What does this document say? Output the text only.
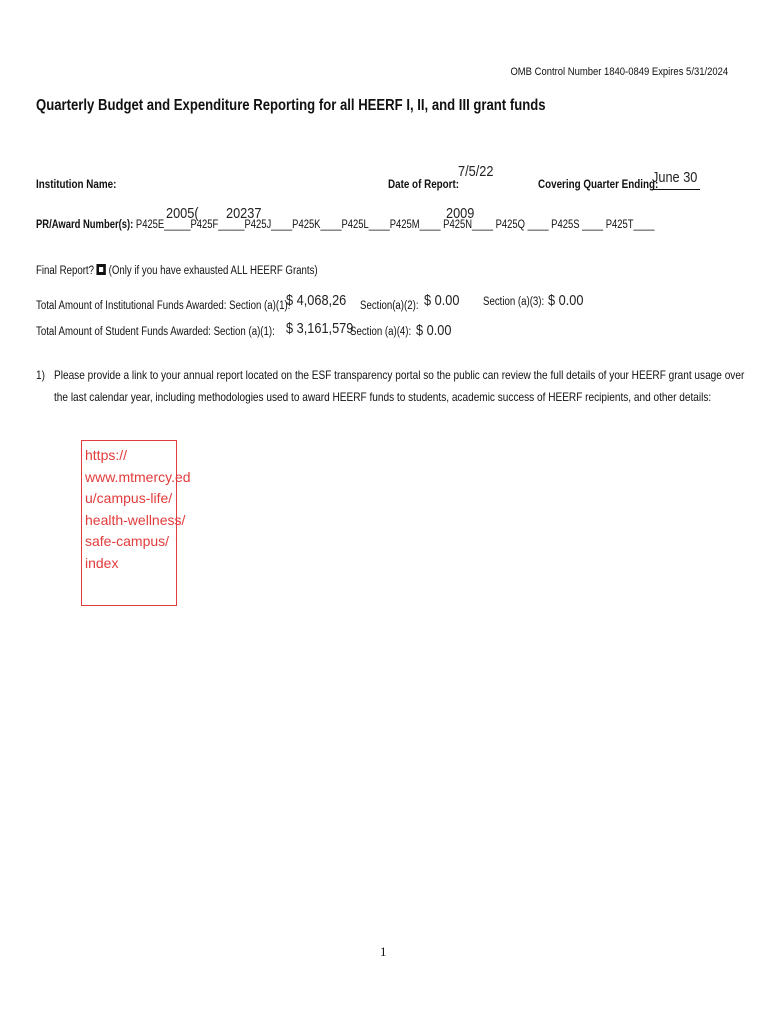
OMB Control Number 1840-0849 Expires 5/31/2024
Quarterly Budget and Expenditure Reporting for all HEERF I, II, and III grant funds
Institution Name:	Date of Report:
7/5/22
Covering Quarter Ending:
June 30
PR/Award Number(s): P425E_____P425F_____P425J____P425K____P425L____P425M____ P425N____ P425Q ____ P425S ____ P425T____
2005( 20237	2009
Final Report?  (Only if you have exhausted ALL HEERF Grants)
Total Amount of Institutional Funds Awarded: Section (a)(1):
$ 4,068,26 Section(a)(2): $ 0.00 Section (a)(3): $ 0.00
Total Amount of Student Funds Awarded: Section (a)(1): $ 3,161,579
Section (a)(4): $ 0.00
1) Please provide a link to your annual report located on the ESF transparency portal so the public can review the full details of your HEERF grant usage over
the last calendar year, including methodologies used to award HEERF funds to students, academic success of HEERF recipients, and other details:
https://
www.mtmercy.ed
u/campus-life/
health-wellness/
safe-campus/
index
1
